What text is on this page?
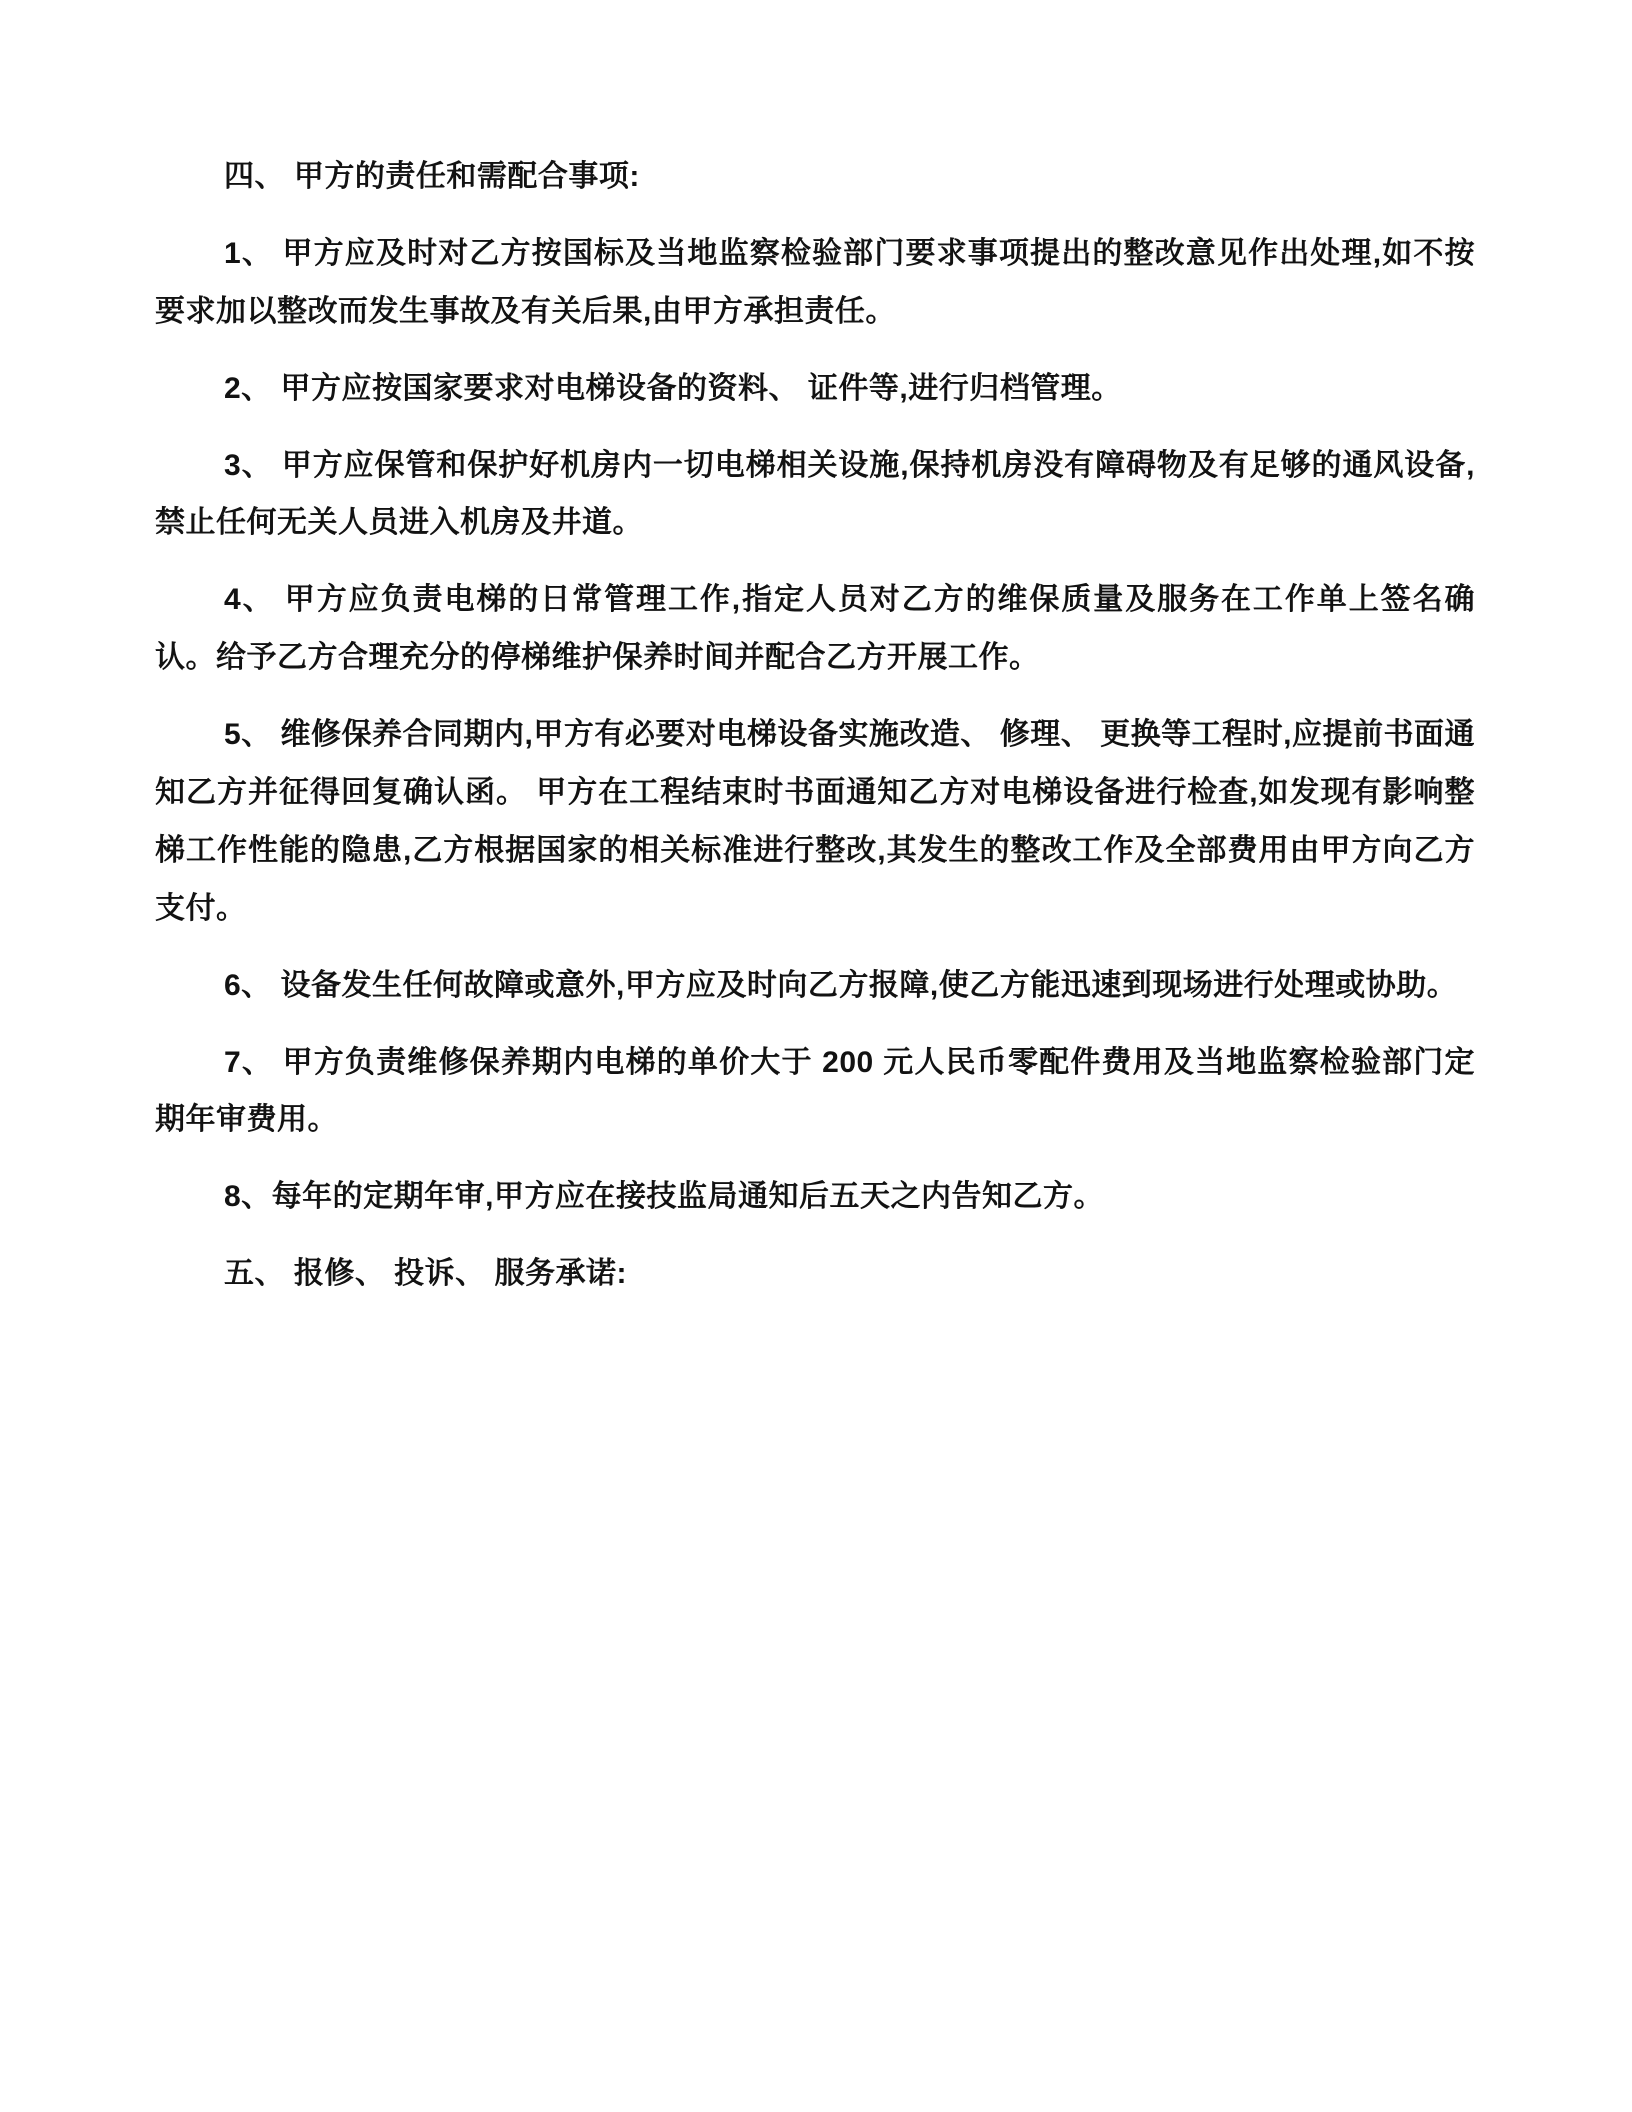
四、 甲方的责任和需配合事项:

1、 甲方应及时对乙方按国标及当地监察检验部门要求事项提出的整改意见作出处理,如不按要求加以整改而发生事故及有关后果,由甲方承担责任。

2、 甲方应按国家要求对电梯设备的资料、 证件等,进行归档管理。

3、 甲方应保管和保护好机房内一切电梯相关设施,保持机房没有障碍物及有足够的通风设备,禁止任何无关人员进入机房及井道。

4、 甲方应负责电梯的日常管理工作,指定人员对乙方的维保质量及服务在工作单上签名确认。给予乙方合理充分的停梯维护保养时间并配合乙方开展工作。

5、 维修保养合同期内,甲方有必要对电梯设备实施改造、 修理、 更换等工程时,应提前书面通知乙方并征得回复确认函。 甲方在工程结束时书面通知乙方对电梯设备进行检查,如发现有影响整梯工作性能的隐患,乙方根据国家的相关标准进行整改,其发生的整改工作及全部费用由甲方向乙方支付。

6、 设备发生任何故障或意外,甲方应及时向乙方报障,使乙方能迅速到现场进行处理或协助。

7、 甲方负责维修保养期内电梯的单价大于 200 元人民币零配件费用及当地监察检验部门定期年审费用。

8、每年的定期年审,甲方应在接技监局通知后五天之内告知乙方。

五、 报修、 投诉、 服务承诺:
